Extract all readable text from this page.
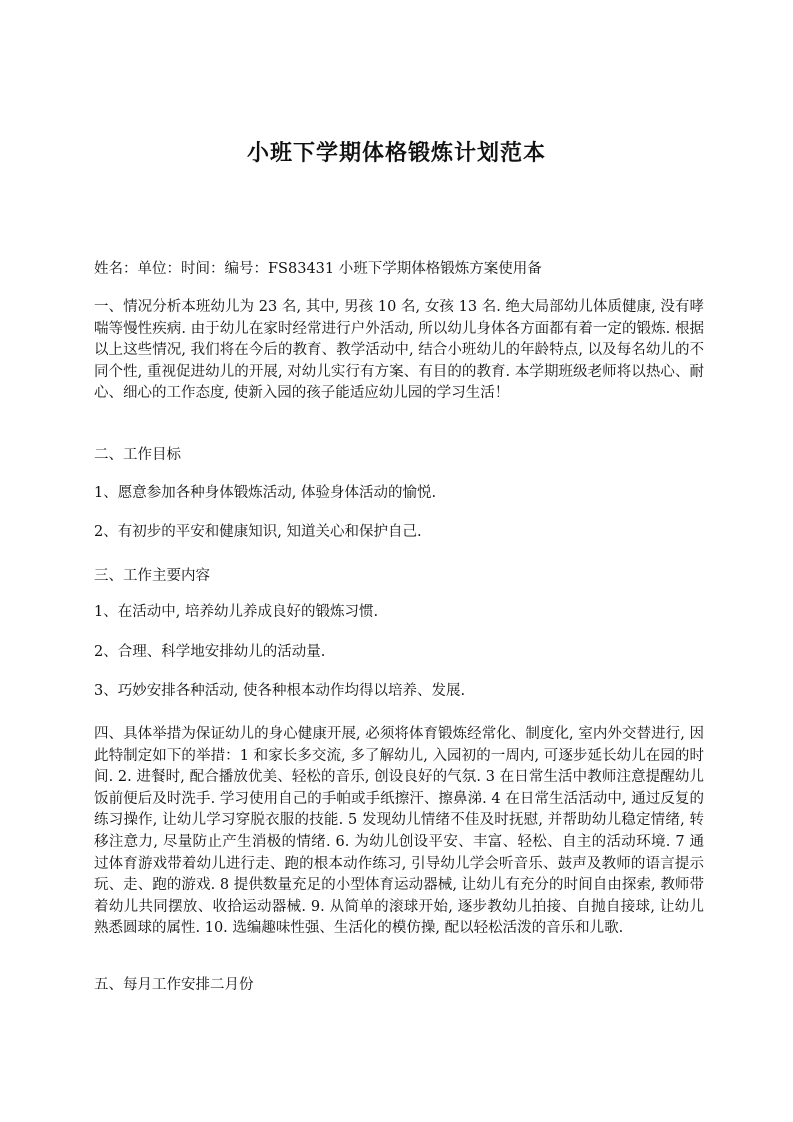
小班下学期体格锻炼计划范本

姓名：单位：时间：编号：FS83431 小班下学期体格锻炼方案使用备

一、情况分析本班幼儿为 23 名, 其中, 男孩 10 名, 女孩 13 名. 绝大局部幼儿体质健康, 没有哮喘等慢性疾病. 由于幼儿在家时经常进行户外活动, 所以幼儿身体各方面都有着一定的锻炼. 根据以上这些情况, 我们将在今后的教育、教学活动中, 结合小班幼儿的年龄特点, 以及每名幼儿的不同个性, 重视促进幼儿的开展, 对幼儿实行有方案、有目的的教育. 本学期班级老师将以热心、耐心、细心的工作态度, 使新入园的孩子能适应幼儿园的学习生活！

二、工作目标

1、愿意参加各种身体锻炼活动, 体验身体活动的愉悦.

2、有初步的平安和健康知识, 知道关心和保护自己.

三、工作主要内容

1、在活动中, 培养幼儿养成良好的锻炼习惯.

2、合理、科学地安排幼儿的活动量.

3、巧妙安排各种活动, 使各种根本动作均得以培养、发展.

四、具体举措为保证幼儿的身心健康开展, 必须将体育锻炼经常化、制度化, 室内外交替进行, 因此特制定如下的举措：1 和家长多交流, 多了解幼儿, 入园初的一周内, 可逐步延长幼儿在园的时间. 2. 进餐时, 配合播放优美、轻松的音乐, 创设良好的气氛. 3 在日常生活中教师注意提醒幼儿饭前便后及时洗手. 学习使用自己的手帕或手纸擦汗、擦鼻涕. 4 在日常生活活动中, 通过反复的练习操作, 让幼儿学习穿脱衣服的技能. 5 发现幼儿情绪不佳及时抚慰, 并帮助幼儿稳定情绪, 转移注意力, 尽量防止产生消极的情绪. 6. 为幼儿创设平安、丰富、轻松、自主的活动环境. 7 通过体育游戏带着幼儿进行走、跑的根本动作练习, 引导幼儿学会听音乐、鼓声及教师的语言提示玩、走、跑的游戏. 8 提供数量充足的小型体育运动器械, 让幼儿有充分的时间自由探索, 教师带着幼儿共同摆放、收拾运动器械. 9. 从简单的滚球开始, 逐步教幼儿拍接、自抛自接球, 让幼儿熟悉圆球的属性. 10. 选编趣味性强、生活化的模仿操, 配以轻松活泼的音乐和儿歌.

五、每月工作安排二月份
